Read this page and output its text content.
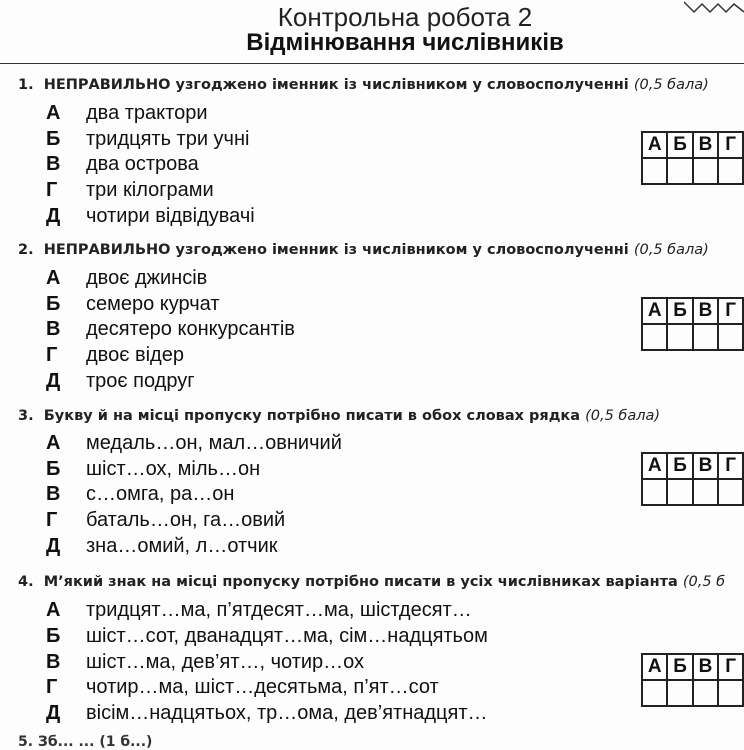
Контрольна робота 2
Відмінювання числівників
1. НЕПРАВИЛЬНО узгоджено іменник із числівником у словосполученні (0,5 бала)
А два трактори
Б тридцять три учні
В два острова
Г три кілограми
Д чотири відвідувачі
А	Б	В	Г

2. НЕПРАВИЛЬНО узгоджено іменник із числівником у словосполученні (0,5 бала)
А двоє джинсів
Б семеро курчат
В десятеро конкурсантів
Г двоє відер
Д троє подруг
А	Б	В	Г

3. Букву й на місці пропуску потрібно писати в обох словах рядка (0,5 бала)
А медаль…он, мал…овничий
Б шіст…ох, міль…он
В с…омга, ра…он
Г баталь…он, га…овий
Д зна…омий, л…отчик
А	Б	В	Г

4. М’який знак на місці пропуску потрібно писати в усіх числівниках варіанта (0,5 б
А тридцят…ма, п’ятдесят…ма, шістдесят…
Б шіст…сот, дванадцят…ма, сім…надцятьом
В шіст…ма, дев’ят…, чотир…ох
Г чотир…ма, шіст…десятьма, п’ят…сот
Д вісім…надцятьох, тр…ома, дев’ятнадцят…
А	Б	В	Г

5. Зб... ... (1 б...)
